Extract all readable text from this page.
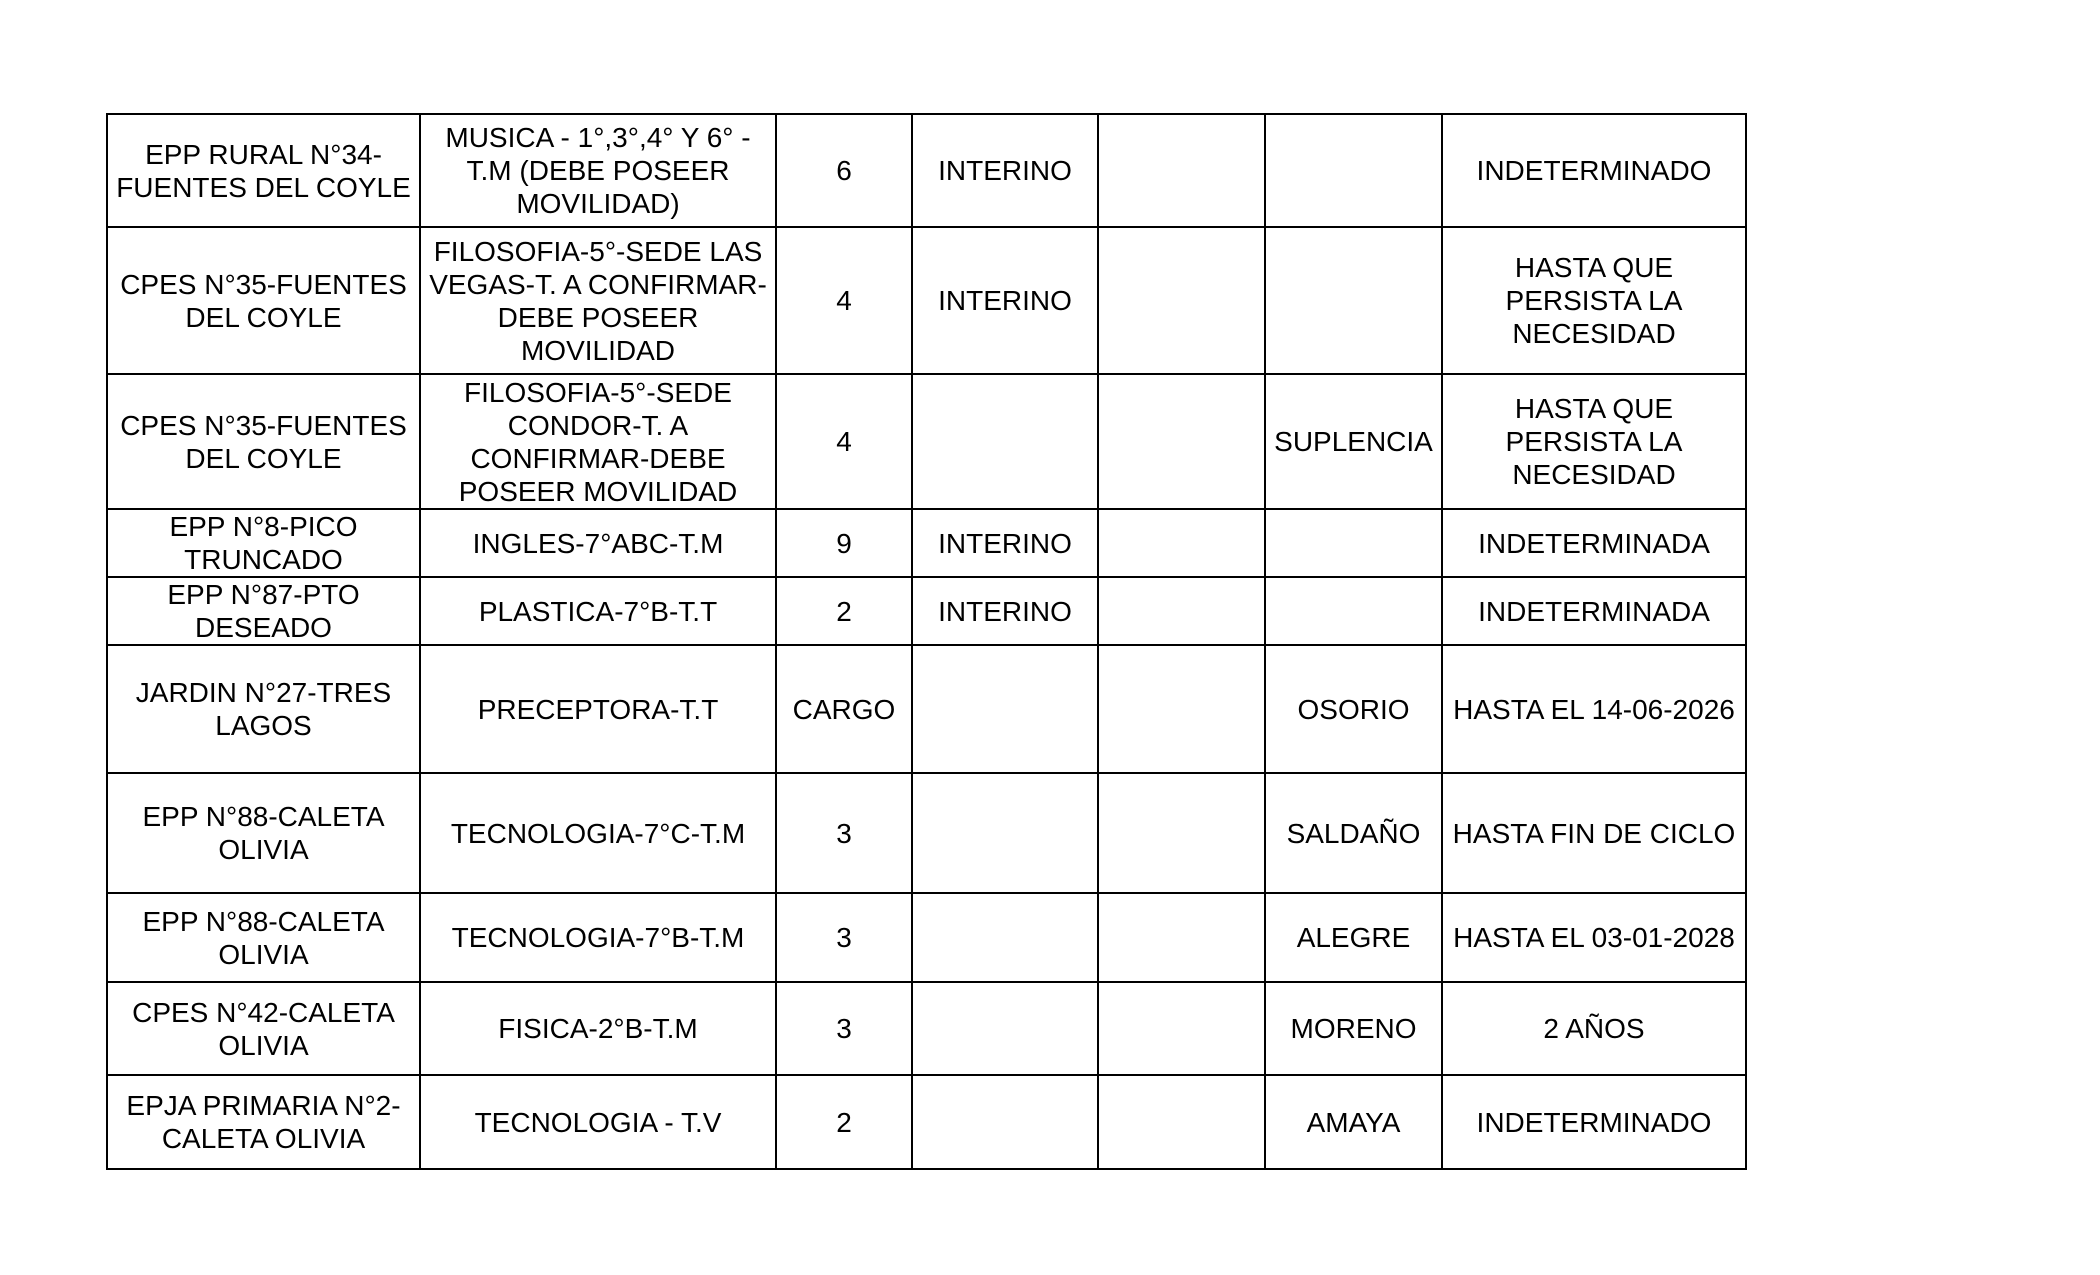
EPP RURAL N°34-
FUENTES DEL COYLE	MUSICA - 1°,3°,4° Y 6° -
T.M (DEBE POSEER
MOVILIDAD)	6	INTERINO			INDETERMINADO
CPES N°35-FUENTES
DEL COYLE	FILOSOFIA-5°-SEDE LAS
VEGAS-T. A CONFIRMAR-
DEBE POSEER
MOVILIDAD	4	INTERINO			HASTA QUE
PERSISTA LA
NECESIDAD
CPES N°35-FUENTES
DEL COYLE	FILOSOFIA-5°-SEDE
CONDOR-T. A
CONFIRMAR-DEBE
POSEER MOVILIDAD	4			SUPLENCIA	HASTA QUE
PERSISTA LA
NECESIDAD
EPP N°8-PICO
TRUNCADO	INGLES-7°ABC-T.M	9	INTERINO			INDETERMINADA
EPP N°87-PTO
DESEADO	PLASTICA-7°B-T.T	2	INTERINO			INDETERMINADA
JARDIN N°27-TRES
LAGOS	PRECEPTORA-T.T	CARGO			OSORIO	HASTA EL 14-06-2026
EPP N°88-CALETA
OLIVIA	TECNOLOGIA-7°C-T.M	3			SALDAÑO	HASTA FIN DE CICLO
EPP N°88-CALETA
OLIVIA	TECNOLOGIA-7°B-T.M	3			ALEGRE	HASTA EL 03-01-2028
CPES N°42-CALETA
OLIVIA	FISICA-2°B-T.M	3			MORENO	2 AÑOS
EPJA PRIMARIA N°2-
CALETA OLIVIA	TECNOLOGIA - T.V	2			AMAYA	INDETERMINADO
